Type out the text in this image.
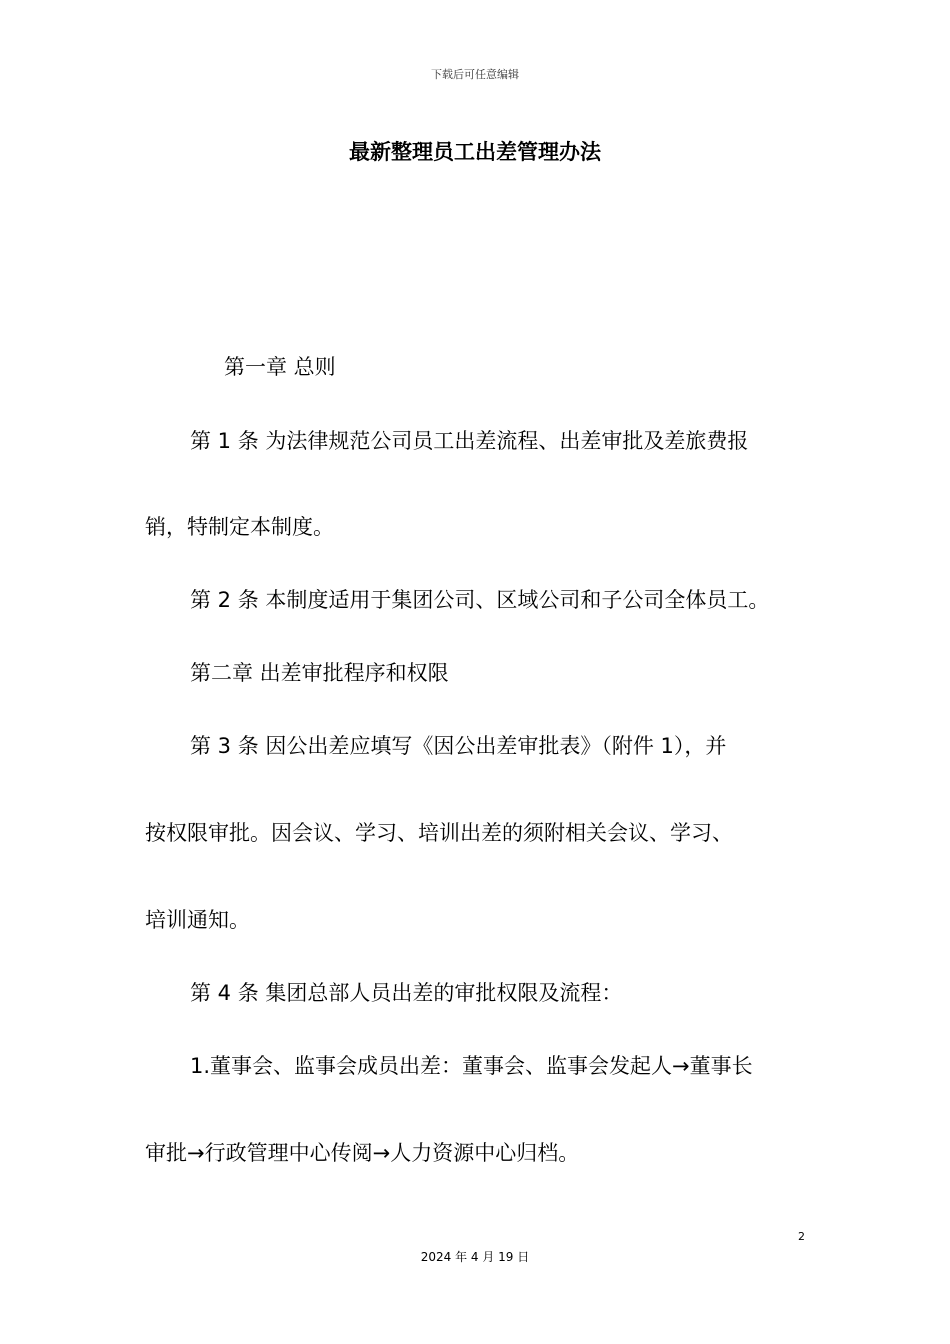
下载后可任意编辑
最新整理员工出差管理办法
第一章 总则
第 1 条 为法律规范公司员工出差流程、出差审批及差旅费报
销，特制定本制度。
第 2 条 本制度适用于集团公司、区域公司和子公司全体员工。
第二章 出差审批程序和权限
第 3 条 因公出差应填写《因公出差审批表》（附件 1），并
按权限审批。因会议、学习、培训出差的须附相关会议、学习、
培训通知。
第 4 条 集团总部人员出差的审批权限及流程：
1.董事会、监事会成员出差：董事会、监事会发起人→董事长
审批→行政管理中心传阅→人力资源中心归档。
2
2024 年 4 月 19 日
